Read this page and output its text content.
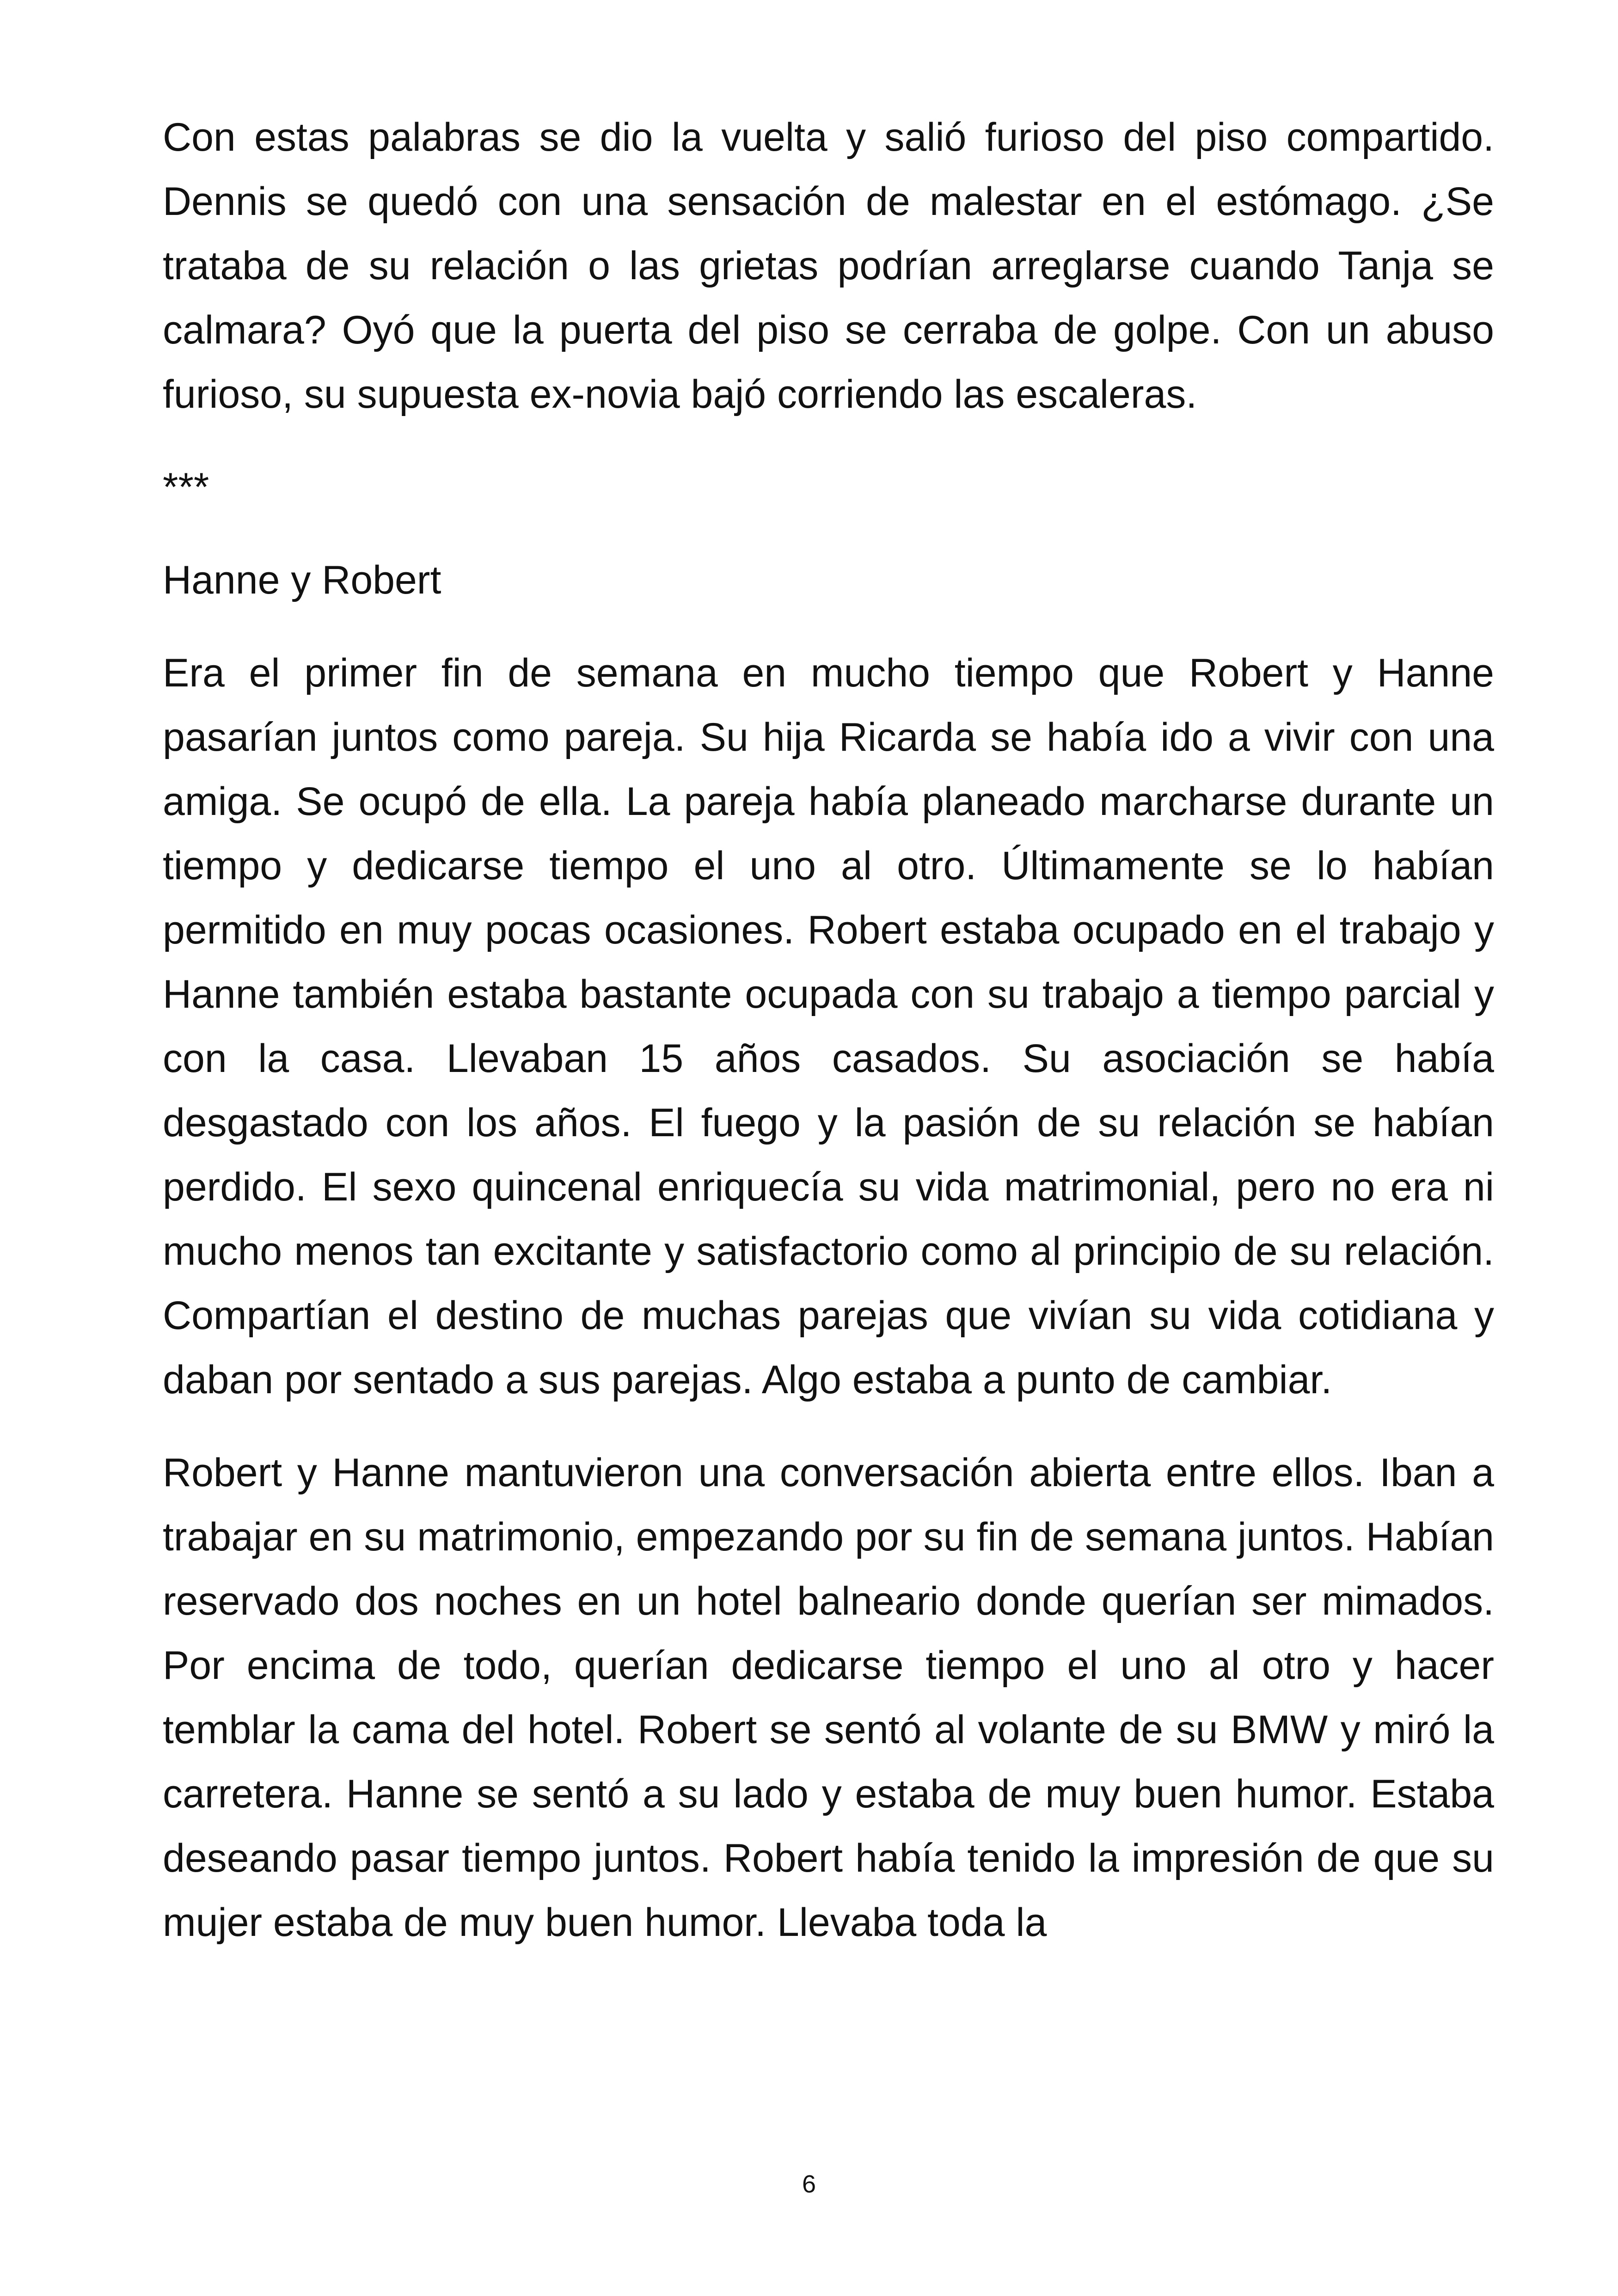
Con estas palabras se dio la vuelta y salió furioso del piso compartido. Dennis se quedó con una sensación de malestar en el estómago. ¿Se trataba de su relación o las grietas podrían arreglarse cuando Tanja se calmara? Oyó que la puerta del piso se cerraba de golpe. Con un abuso furioso, su supuesta ex-novia bajó corriendo las escaleras.

***

Hanne y Robert

Era el primer fin de semana en mucho tiempo que Robert y Hanne pasarían juntos como pareja. Su hija Ricarda se había ido a vivir con una amiga. Se ocupó de ella. La pareja había planeado marcharse durante un tiempo y dedicarse tiempo el uno al otro. Últimamente se lo habían permitido en muy pocas ocasiones. Robert estaba ocupado en el trabajo y Hanne también estaba bastante ocupada con su trabajo a tiempo parcial y con la casa. Llevaban 15 años casados. Su asociación se había desgastado con los años. El fuego y la pasión de su relación se habían perdido. El sexo quincenal enriquecía su vida matrimonial, pero no era ni mucho menos tan excitante y satisfactorio como al principio de su relación. Compartían el destino de muchas parejas que vivían su vida cotidiana y daban por sentado a sus parejas. Algo estaba a punto de cambiar.

Robert y Hanne mantuvieron una conversación abierta entre ellos. Iban a trabajar en su matrimonio, empezando por su fin de semana juntos. Habían reservado dos noches en un hotel balneario donde querían ser mimados. Por encima de todo, querían dedicarse tiempo el uno al otro y hacer temblar la cama del hotel. Robert se sentó al volante de su BMW y miró la carretera. Hanne se sentó a su lado y estaba de muy buen humor. Estaba deseando pasar tiempo juntos. Robert había tenido la impresión de que su mujer estaba de muy buen humor. Llevaba toda la

6
